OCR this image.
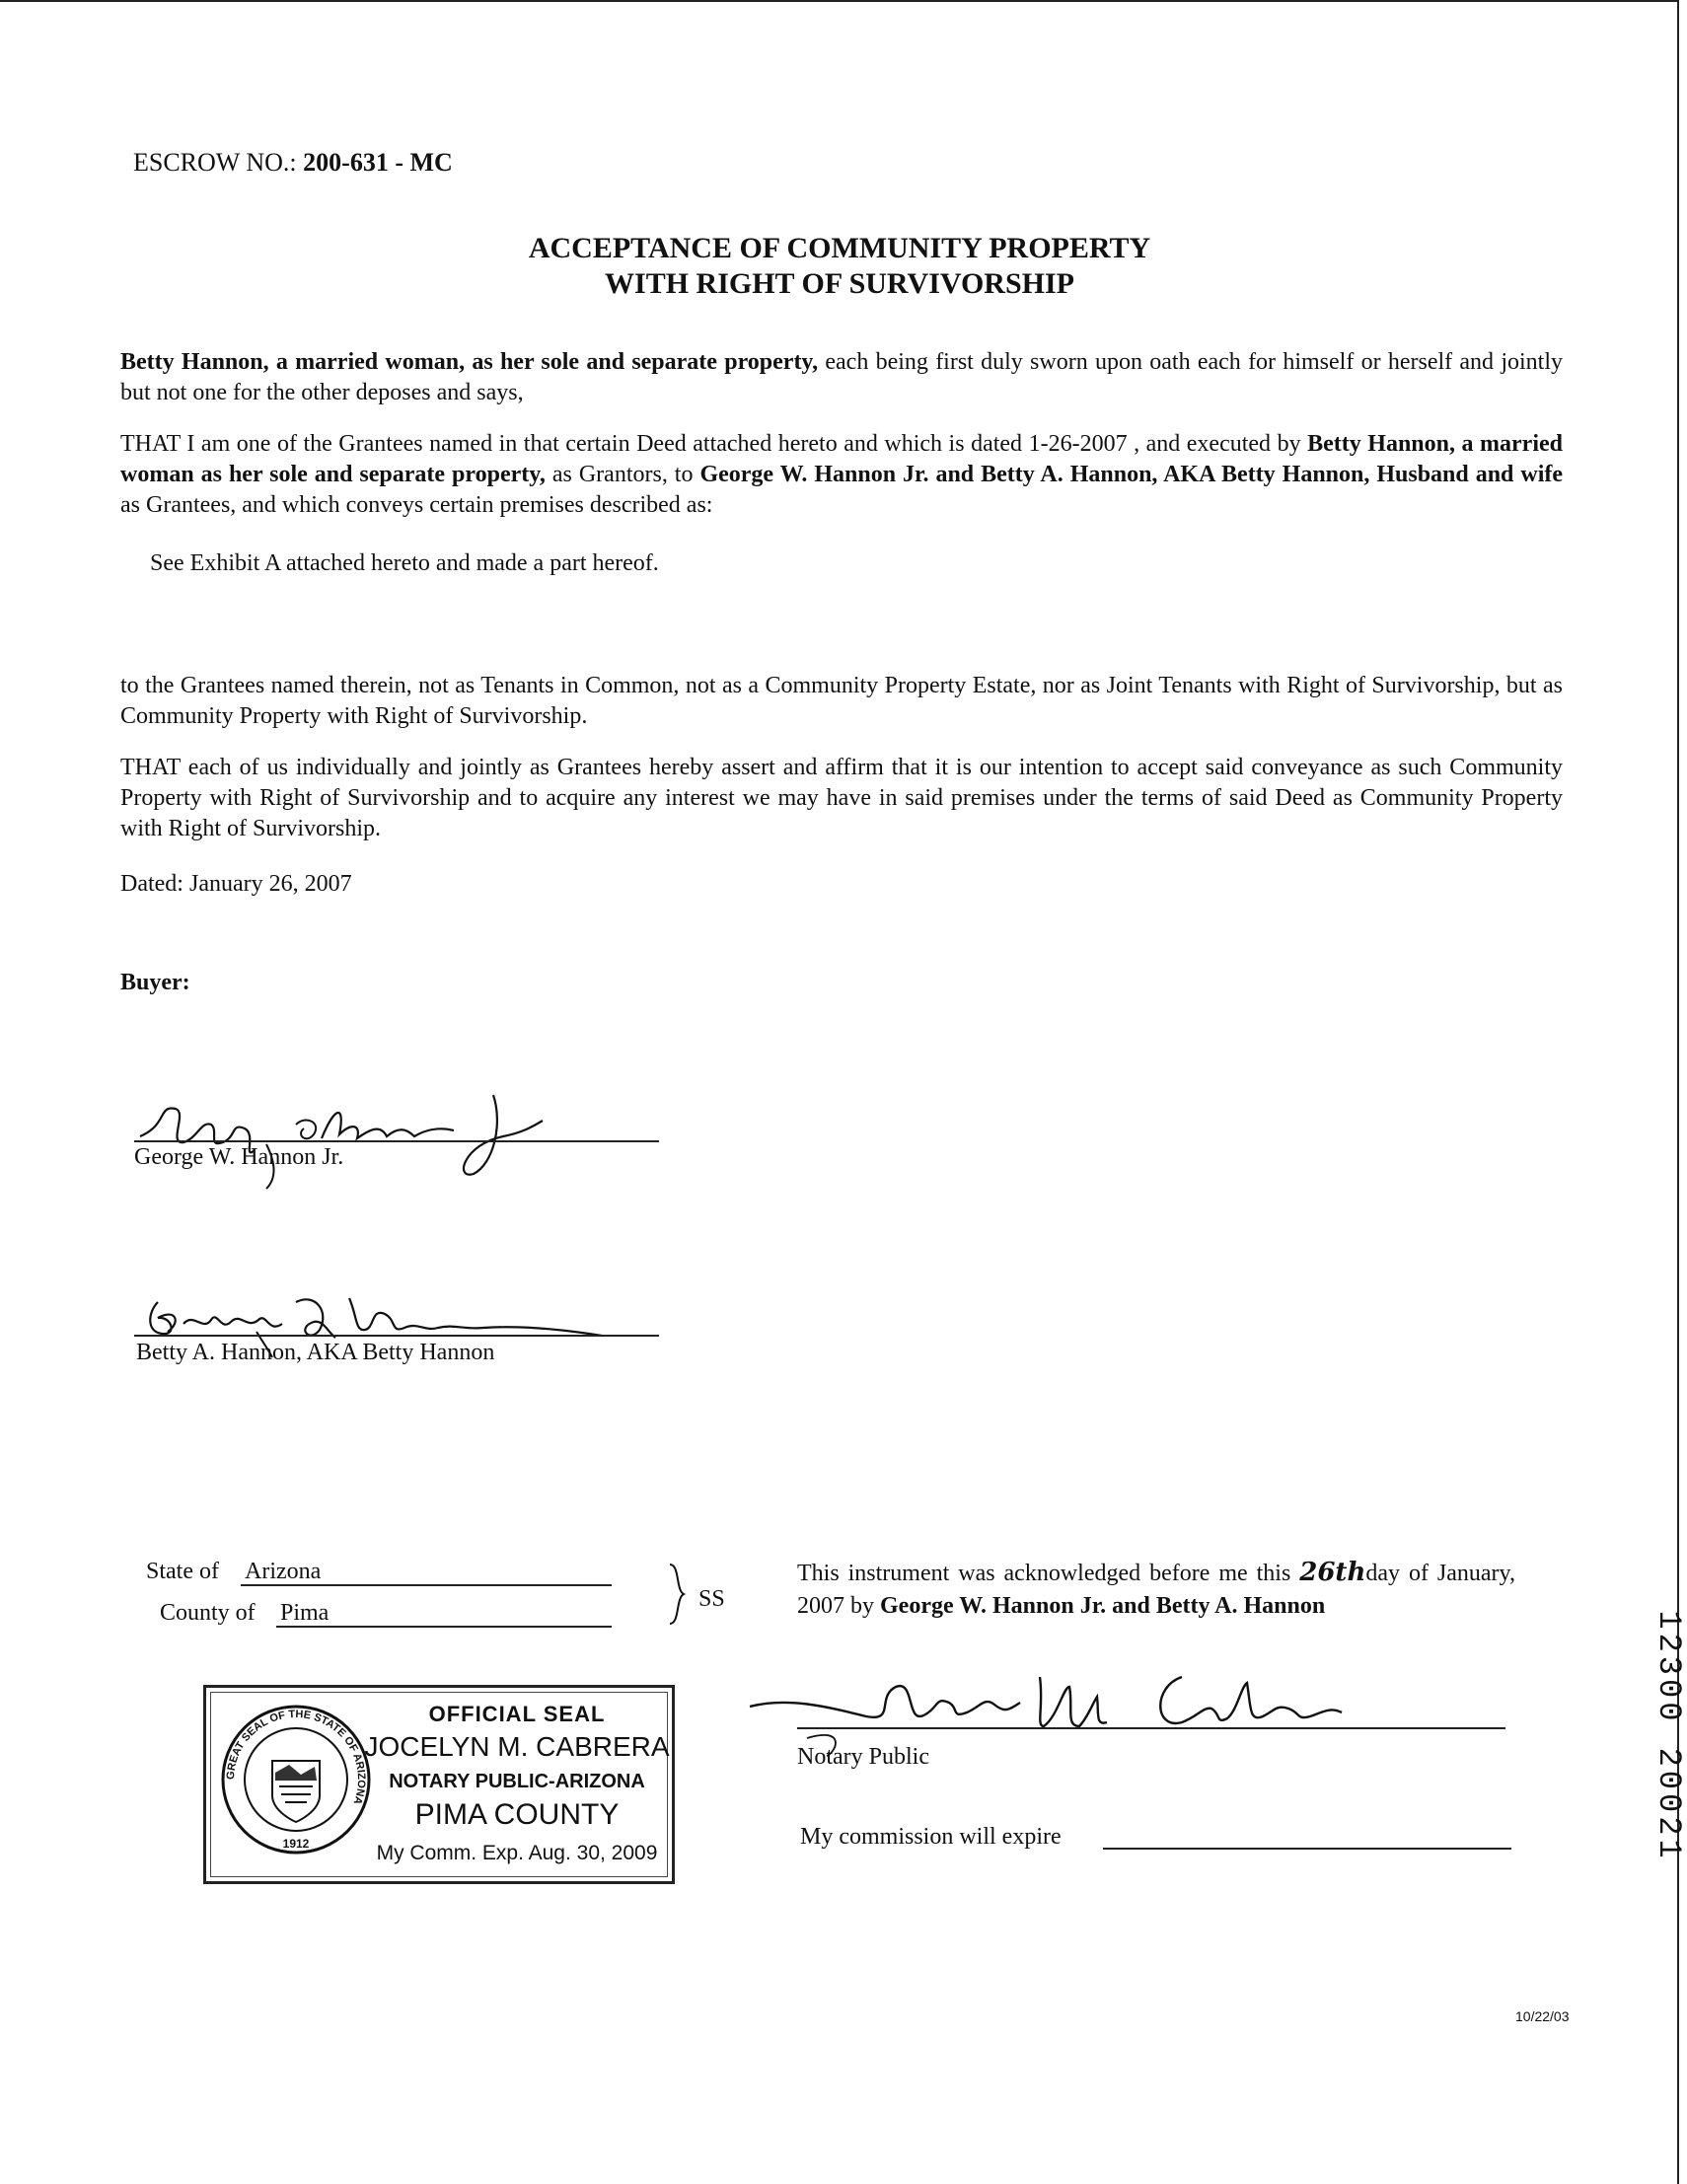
ESCROW NO.: 200-631 - MC
ACCEPTANCE OF COMMUNITY PROPERTY
WITH RIGHT OF SURVIVORSHIP
Betty Hannon, a married woman, as her sole and separate property, each being first duly sworn upon oath each for himself or herself and jointly but not one for the other deposes and says,
THAT I am one of the Grantees named in that certain Deed attached hereto and which is dated 1-26-2007 , and executed by Betty Hannon, a married woman as her sole and separate property, as Grantors, to George W. Hannon Jr. and Betty A. Hannon, AKA Betty Hannon, Husband and wife as Grantees, and which conveys certain premises described as:
See Exhibit A attached hereto and made a part hereof.
to the Grantees named therein, not as Tenants in Common, not as a Community Property Estate, nor as Joint Tenants with Right of Survivorship, but as Community Property with Right of Survivorship.
THAT each of us individually and jointly as Grantees hereby assert and affirm that it is our intention to accept said conveyance as such Community Property with Right of Survivorship and to acquire any interest we may have in said premises under the terms of said Deed as Community Property with Right of Survivorship.
Dated: January 26, 2007
Buyer:
George W. Hannon Jr.
Betty A. Hannon, AKA Betty Hannon
State of Arizona
County of Pima
SS
This instrument was acknowledged before me this 26thday of January, 2007 by George W. Hannon Jr. and Betty A. Hannon
Notary Public
My commission will expire
GREAT SEAL OF THE STATE OF ARIZONA
1912
OFFICIAL SEAL
JOCELYN M. CABRERA
NOTARY PUBLIC-ARIZONA
PIMA COUNTY
My Comm. Exp. Aug. 30, 2009	12300 20021
10/22/03
